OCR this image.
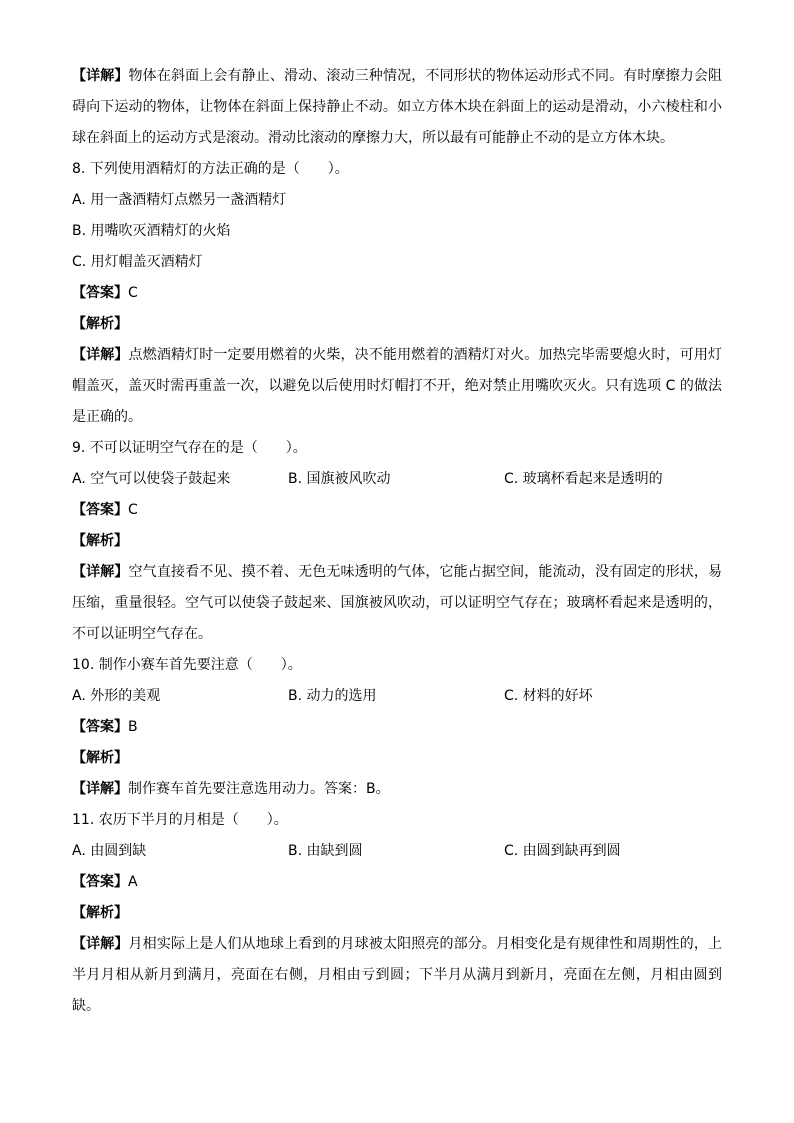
【详解】物体在斜面上会有静止、滑动、滚动三种情况，不同形状的物体运动形式不同。有时摩擦力会阻碍向下运动的物体，让物体在斜面上保持静止不动。如立方体木块在斜面上的运动是滑动，小六棱柱和小球在斜面上的运动方式是滚动。滑动比滚动的摩擦力大，所以最有可能静止不动的是立方体木块。
8. 下列使用酒精灯的方法正确的是（　　）。
A. 用一盏酒精灯点燃另一盏酒精灯
B. 用嘴吹灭酒精灯的火焰
C. 用灯帽盖灭酒精灯
【答案】C
【解析】
【详解】点燃酒精灯时一定要用燃着的火柴，决不能用燃着的酒精灯对火。加热完毕需要熄火时，可用灯帽盖灭，盖灭时需再重盖一次，以避免以后使用时灯帽打不开，绝对禁止用嘴吹灭火。只有选项 C 的做法是正确的。
9. 不可以证明空气存在的是（　　）。
A. 空气可以使袋子鼓起来	B. 国旗被风吹动	C. 玻璃杯看起来是透明的
【答案】C
【解析】
【详解】空气直接看不见、摸不着、无色无味透明的气体，它能占据空间，能流动，没有固定的形状，易压缩，重量很轻。空气可以使袋子鼓起来、国旗被风吹动，可以证明空气存在；玻璃杯看起来是透明的，不可以证明空气存在。
10. 制作小赛车首先要注意（　　）。
A. 外形的美观	B. 动力的选用	C. 材料的好坏
【答案】B
【解析】
【详解】制作赛车首先要注意选用动力。答案：B。
11. 农历下半月的月相是（　　）。
A. 由圆到缺	B. 由缺到圆	C. 由圆到缺再到圆
【答案】A
【解析】
【详解】月相实际上是人们从地球上看到的月球被太阳照亮的部分。月相变化是有规律性和周期性的，上半月月相从新月到满月，亮面在右侧，月相由亏到圆；下半月从满月到新月，亮面在左侧，月相由圆到缺。
